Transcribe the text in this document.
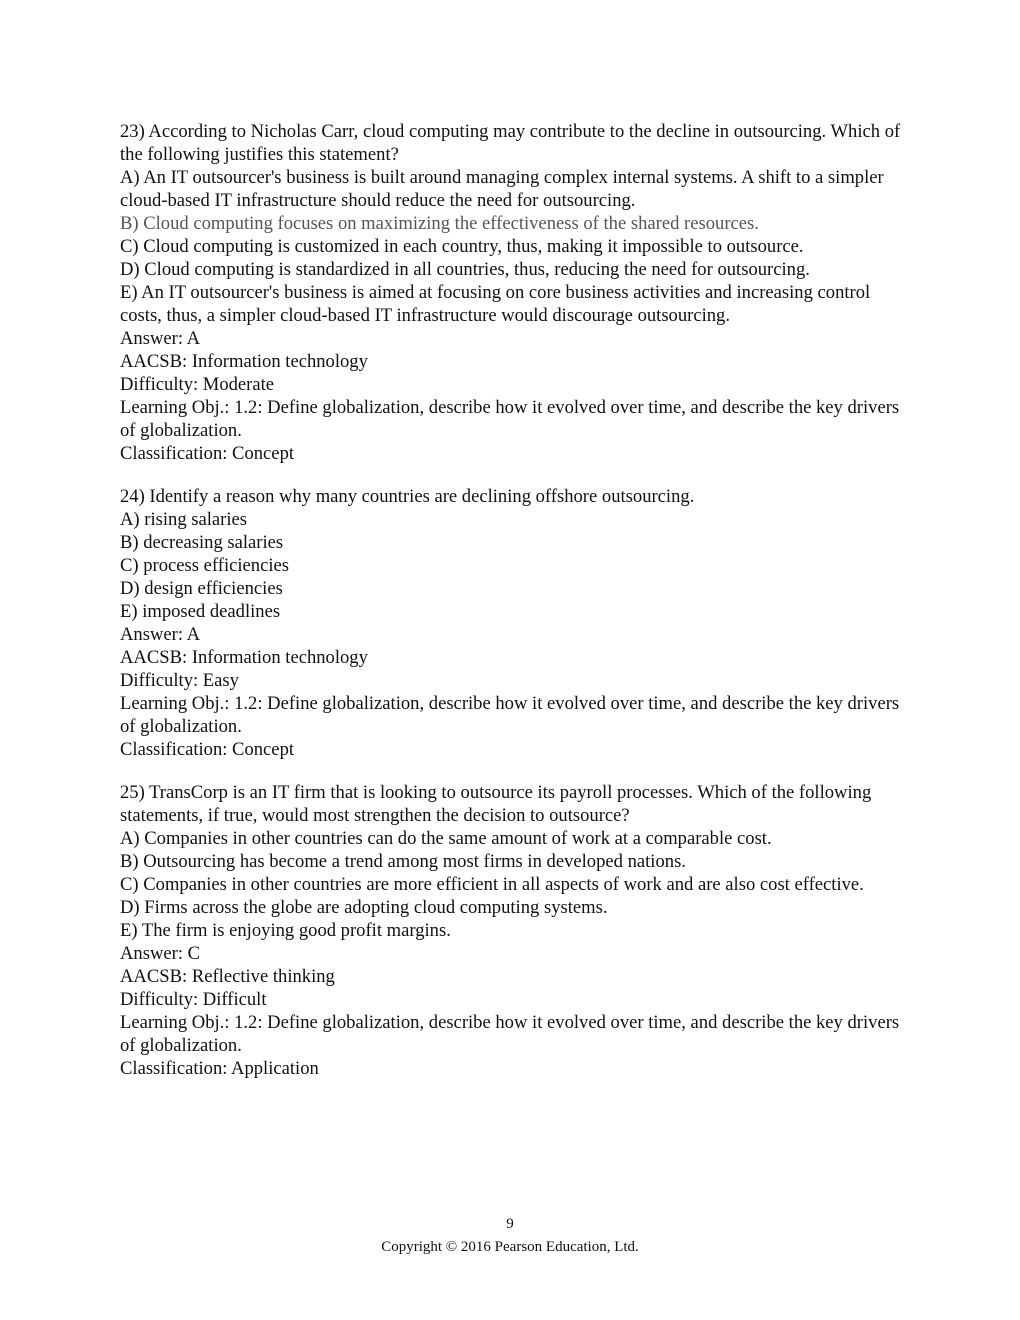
23) According to Nicholas Carr, cloud computing may contribute to the decline in outsourcing. Which of the following justifies this statement?
A) An IT outsourcer's business is built around managing complex internal systems. A shift to a simpler cloud-based IT infrastructure should reduce the need for outsourcing.
B) Cloud computing focuses on maximizing the effectiveness of the shared resources.
C) Cloud computing is customized in each country, thus, making it impossible to outsource.
D) Cloud computing is standardized in all countries, thus, reducing the need for outsourcing.
E) An IT outsourcer's business is aimed at focusing on core business activities and increasing control costs, thus, a simpler cloud-based IT infrastructure would discourage outsourcing.
Answer: A
AACSB: Information technology
Difficulty: Moderate
Learning Obj.: 1.2: Define globalization, describe how it evolved over time, and describe the key drivers of globalization.
Classification: Concept
24) Identify a reason why many countries are declining offshore outsourcing.
A) rising salaries
B) decreasing salaries
C) process efficiencies
D) design efficiencies
E) imposed deadlines
Answer: A
AACSB: Information technology
Difficulty: Easy
Learning Obj.: 1.2: Define globalization, describe how it evolved over time, and describe the key drivers of globalization.
Classification: Concept
25) TransCorp is an IT firm that is looking to outsource its payroll processes. Which of the following statements, if true, would most strengthen the decision to outsource?
A) Companies in other countries can do the same amount of work at a comparable cost.
B) Outsourcing has become a trend among most firms in developed nations.
C) Companies in other countries are more efficient in all aspects of work and are also cost effective.
D) Firms across the globe are adopting cloud computing systems.
E) The firm is enjoying good profit margins.
Answer: C
AACSB: Reflective thinking
Difficulty: Difficult
Learning Obj.: 1.2: Define globalization, describe how it evolved over time, and describe the key drivers of globalization.
Classification: Application
9
Copyright © 2016 Pearson Education, Ltd.
